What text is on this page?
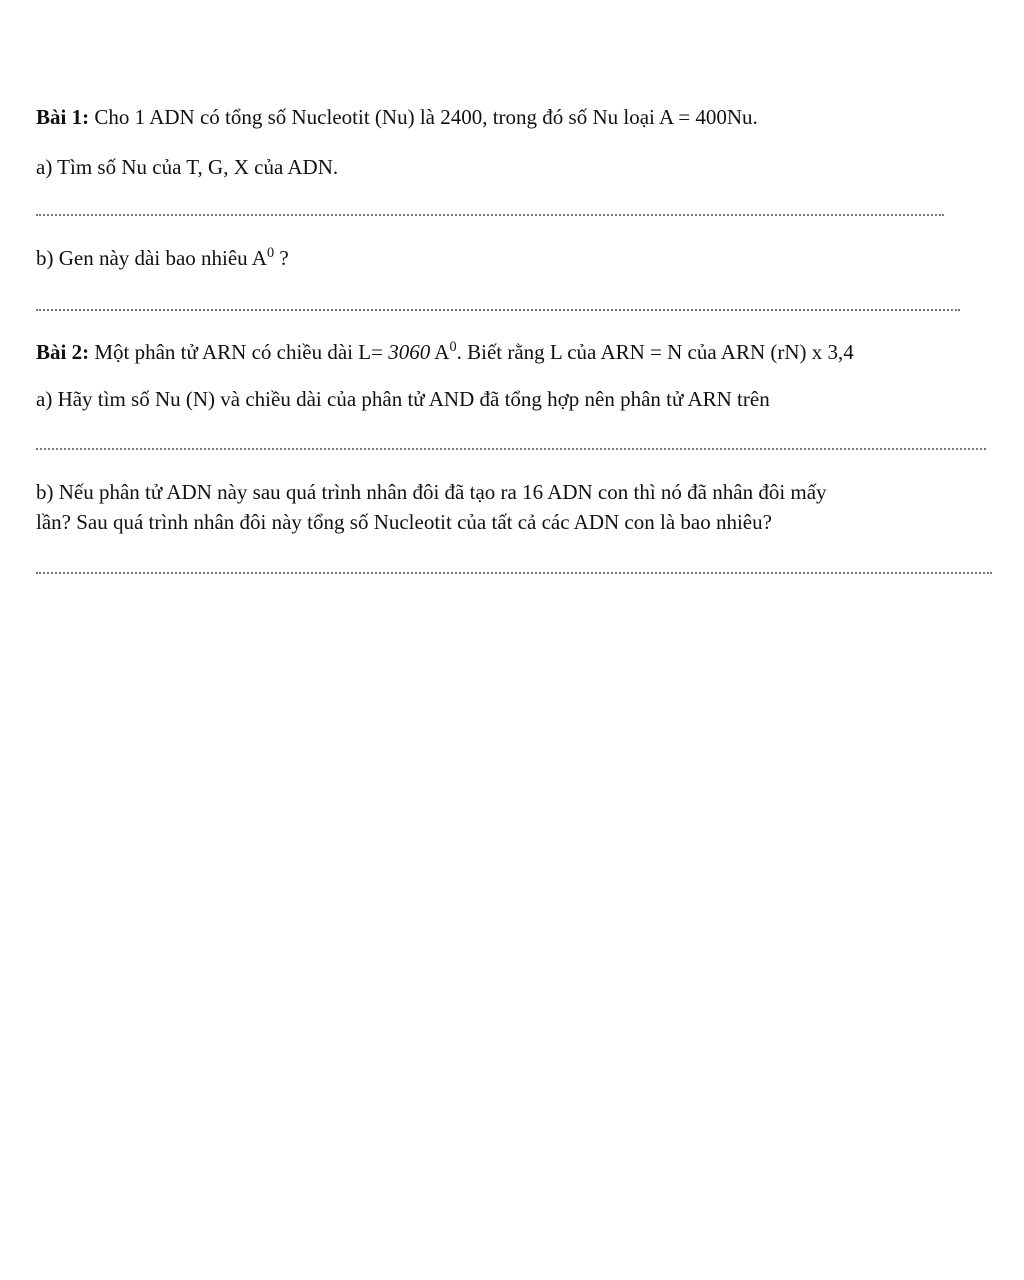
Bài 1: Cho 1 ADN có tổng số Nucleotit (Nu) là 2400, trong đó số Nu loại A = 400Nu.
a) Tìm số Nu của T, G, X của ADN.
b) Gen này dài bao nhiêu $A^0$ ?
Bài 2: Một phân tử ARN có chiều dài L= 3060 $A^0$. Biết rằng L của ARN = N của ARN (rN) x 3,4
a) Hãy tìm số Nu (N) và chiều dài của phân tử AND đã tổng hợp nên phân tử ARN trên
b) Nếu phân tử ADN này sau quá trình nhân đôi đã tạo ra 16 ADN con thì nó đã nhân đôi mấy
lần? Sau quá trình nhân đôi này tổng số Nucleotit của tất cả các ADN con là bao nhiêu?
